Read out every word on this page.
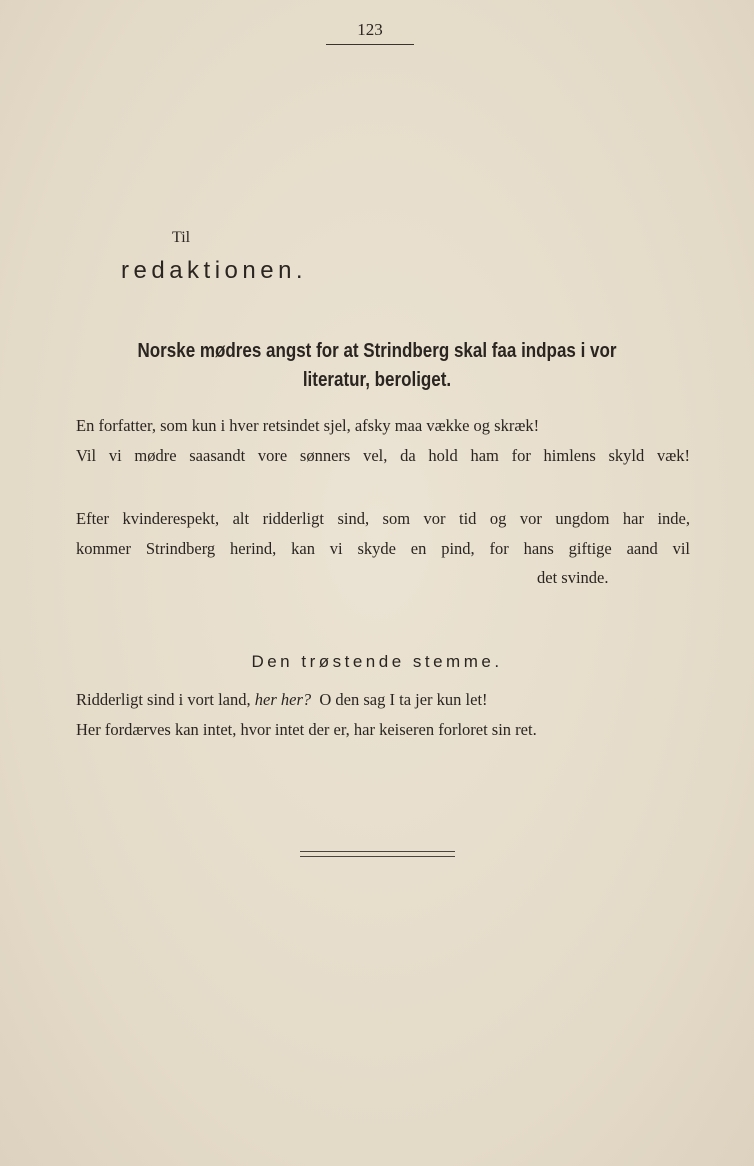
123
Til
redaktionen.
Norske mødres angst for at Strindberg skal faa indpas i vor
literatur, beroliget.
En forfatter, som kun i hver retsindet sjel, afsky maa vække og skræk!
Vil vi mødre saasandt vore sønners vel, da hold ham for himlens skyld væk!
Efter kvinderespekt, alt ridderligt sind, som vor tid og vor ungdom har inde,
kommer Strindberg herind, kan vi skyde en pind, for hans giftige aand vil
det svinde.
Den trøstende stemme.
Ridderligt sind i vort land, her her?  O den sag I ta jer kun let!
Her fordærves kan intet, hvor intet der er, har keiseren forloret sin ret.
